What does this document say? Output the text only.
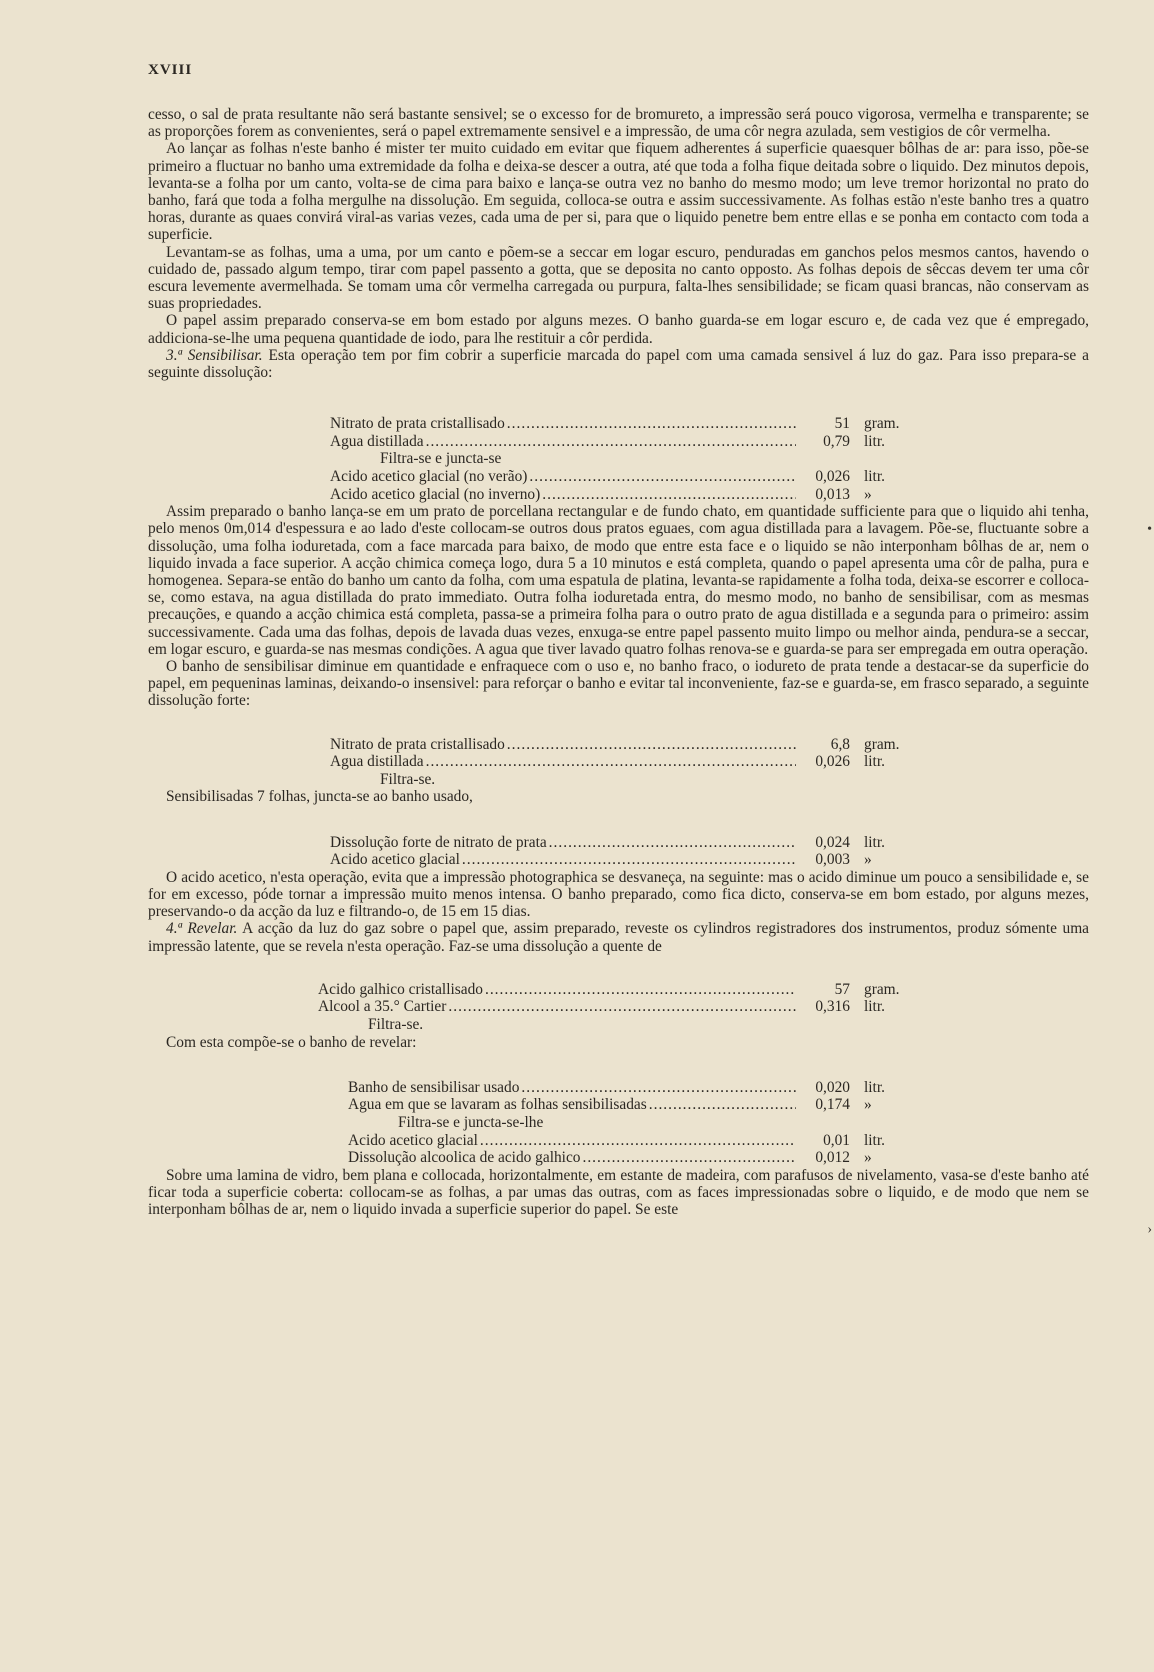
XVIII

cesso, o sal de prata resultante não será bastante sensivel; se o excesso for de bromureto, a impressão será pouco vigorosa, vermelha e transparente; se as proporções forem as convenientes, será o papel extremamente sensivel e a impressão, de uma côr negra azulada, sem vestigios de côr vermelha.

Ao lançar as folhas n'este banho é mister ter muito cuidado em evitar que fiquem adherentes á superficie quaesquer bôlhas de ar: para isso, põe-se primeiro a fluctuar no banho uma extremidade da folha e deixa-se descer a outra, até que toda a folha fique deitada sobre o liquido. Dez minutos depois, levanta-se a folha por um canto, volta-se de cima para baixo e lança-se outra vez no banho do mesmo modo; um leve tremor horizontal no prato do banho, fará que toda a folha mergulhe na dissolução. Em seguida, colloca-se outra e assim successivamente. As folhas estão n'este banho tres a quatro horas, durante as quaes convirá viral-as varias vezes, cada uma de per si, para que o liquido penetre bem entre ellas e se ponha em contacto com toda a superficie.

Levantam-se as folhas, uma a uma, por um canto e põem-se a seccar em logar escuro, penduradas em ganchos pelos mesmos cantos, havendo o cuidado de, passado algum tempo, tirar com papel passento a gotta, que se deposita no canto opposto. As folhas depois de sêccas devem ter uma côr escura levemente avermelhada. Se tomam uma côr vermelha carregada ou purpura, falta-lhes sensibilidade; se ficam quasi brancas, não conservam as suas propriedades.

O papel assim preparado conserva-se em bom estado por alguns mezes. O banho guarda-se em logar escuro e, de cada vez que é empregado, addiciona-se-lhe uma pequena quantidade de iodo, para lhe restituir a côr perdida.

3.ª Sensibilisar. Esta operação tem por fim cobrir a superficie marcada do papel com uma camada sensivel á luz do gaz. Para isso prepara-se a seguinte dissolução:

Nitrato de prata cristallisado .....	51 gram.
Agua distillada .....	0,79 litr.
Filtra-se e juncta-se
Acido acetico glacial (no verão) .....	0,026 litr.
Acido acetico glacial (no inverno) .....	0,013 »

Assim preparado o banho lança-se em um prato de porcellana rectangular e de fundo chato, em quantidade sufficiente para que o liquido ahi tenha, pelo menos 0m,014 d'espessura e ao lado d'este collocam-se outros dous pratos eguaes, com agua distillada para a lavagem. Põe-se, fluctuante sobre a dissolução, uma folha ioduretada, com a face marcada para baixo, de modo que entre esta face e o liquido se não interponham bôlhas de ar, nem o liquido invada a face superior. A acção chimica começa logo, dura 5 a 10 minutos e está completa, quando o papel apresenta uma côr de palha, pura e homogenea. Separa-se então do banho um canto da folha, com uma espatula de platina, levanta-se rapidamente a folha toda, deixa-se escorrer e colloca-se, como estava, na agua distillada do prato immediato. Outra folha ioduretada entra, do mesmo modo, no banho de sensibilisar, com as mesmas precauções, e quando a acção chimica está completa, passa-se a primeira folha para o outro prato de agua distillada e a segunda para o primeiro: assim successivamente. Cada uma das folhas, depois de lavada duas vezes, enxuga-se entre papel passento muito limpo ou melhor ainda, pendura-se a seccar, em logar escuro, e guarda-se nas mesmas condições. A agua que tiver lavado quatro folhas renova-se e guarda-se para ser empregada em outra operação.

O banho de sensibilisar diminue em quantidade e enfraquece com o uso e, no banho fraco, o iodureto de prata tende a destacar-se da superficie do papel, em pequeninas laminas, deixando-o insensivel: para reforçar o banho e evitar tal inconveniente, faz-se e guarda-se, em frasco separado, a seguinte dissolução forte:

Nitrato de prata cristallisado .....	6,8 gram.
Agua distillada .....	0,026 litr.
Filtra-se.

Sensibilisadas 7 folhas, juncta-se ao banho usado,

Dissolução forte de nitrato de prata .....	0,024 litr.
Acido acetico glacial .....	0,003 »

O acido acetico, n'esta operação, evita que a impressão photographica se desvaneça, na seguinte: mas o acido diminue um pouco a sensibilidade e, se for em excesso, póde tornar a impressão muito menos intensa. O banho preparado, como fica dicto, conserva-se em bom estado, por alguns mezes, preservando-o da acção da luz e filtrando-o, de 15 em 15 dias.

4.ª Revelar. A acção da luz do gaz sobre o papel que, assim preparado, reveste os cylindros registradores dos instrumentos, produz sómente uma impressão latente, que se revela n'esta operação. Faz-se uma dissolução a quente de

Acido galhico cristallisado .....	57 gram.
Alcool a 35.° Cartier .....	0,316 litr.
Filtra-se.

Com esta compõe-se o banho de revelar:

Banho de sensibilisar usado .....	0,020 litr.
Agua em que se lavaram as folhas sensibilisadas .....	0,174 »
Filtra-se e juncta-se-lhe
Acido acetico glacial .....	0,01 litr.
Dissolução alcoolica de acido galhico .....	0,012 »

Sobre uma lamina de vidro, bem plana e collocada, horizontalmente, em estante de madeira, com parafusos de nivelamento, vasa-se d'este banho até ficar toda a superficie coberta: collocam-se as folhas, a par umas das outras, com as faces impressionadas sobre o liquido, e de modo que nem se interponham bôlhas de ar, nem o liquido invada a superficie superior do papel. Se este

•
›
